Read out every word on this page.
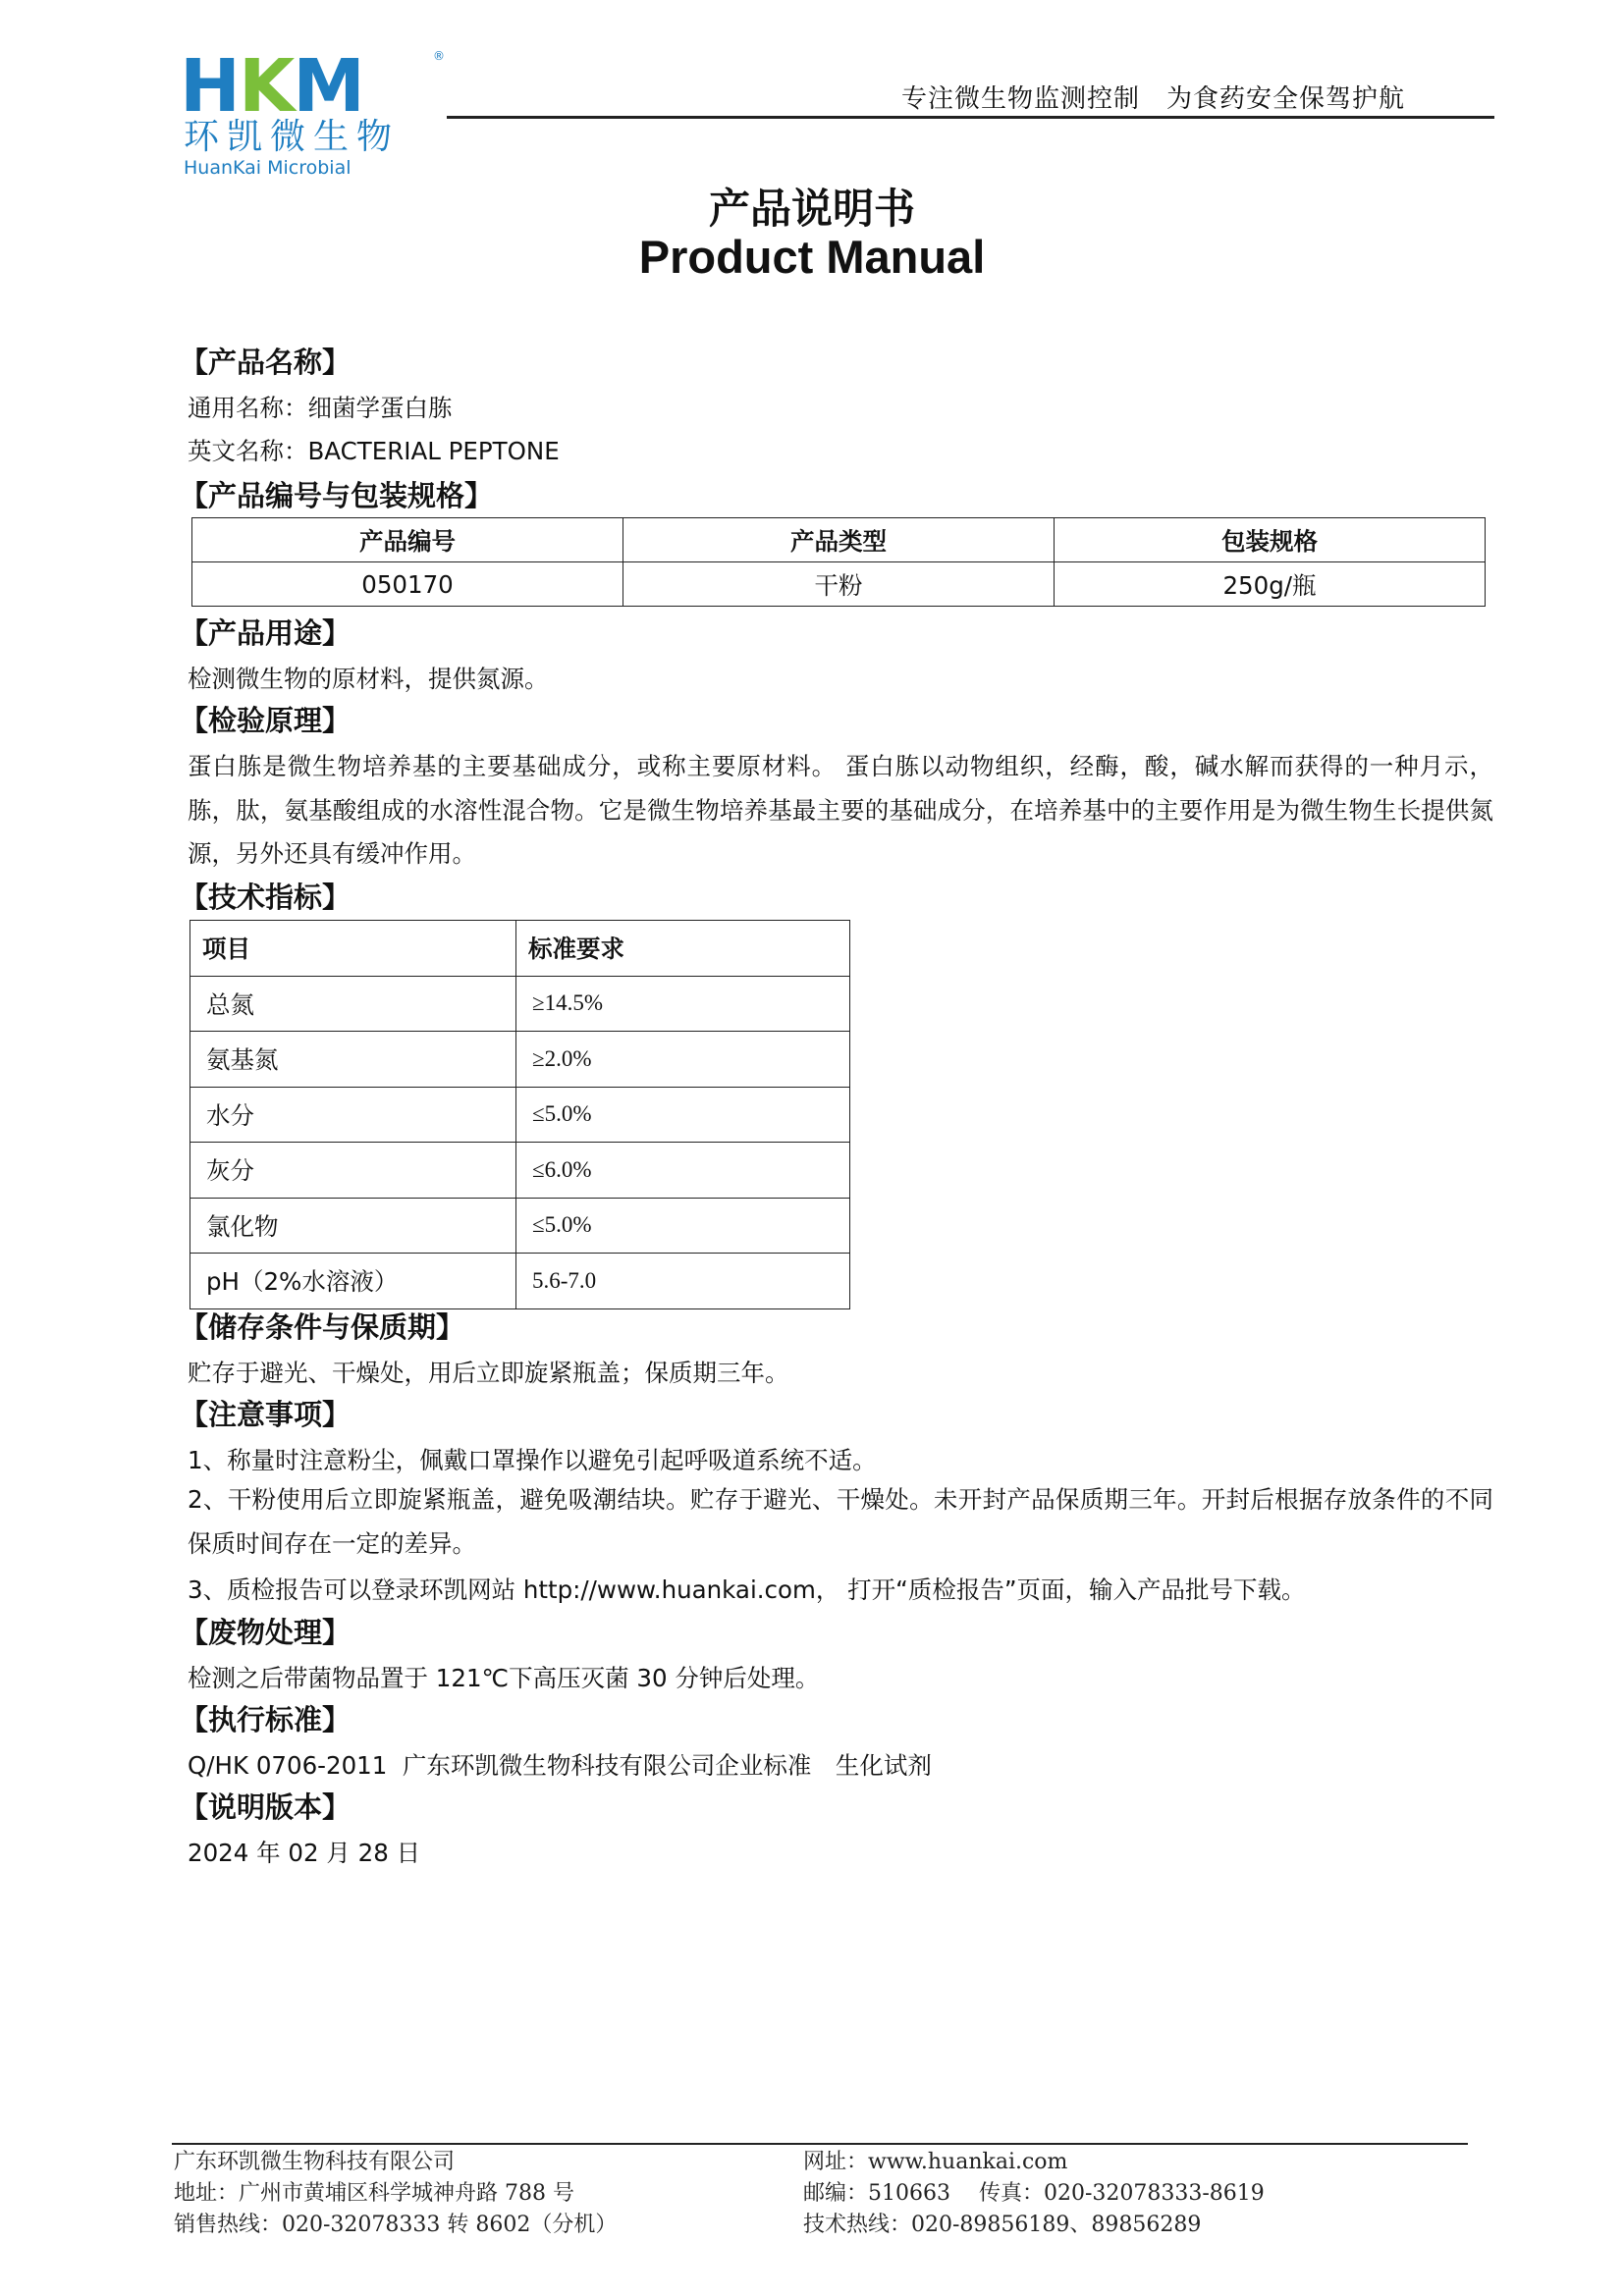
HKM	®
环凯微生物
HuanKai Microbial
专注微生物监测控制　为食药安全保驾护航
产品说明书
Product Manual
【产品名称】
通用名称：细菌学蛋白胨
英文名称：BACTERIAL PEPTONE
【产品编号与包装规格】
产品编号	产品类型	包装规格
050170	干粉	250g/瓶
【产品用途】
检测微生物的原材料，提供氮源。
【检验原理】
蛋白胨是微生物培养基的主要基础成分，或称主要原材料。 蛋白胨以动物组织，经酶，酸，碱水解而获得的一种月示，胨，肽，氨基酸组成的水溶性混合物。它是微生物培养基最主要的基础成分，在培养基中的主要作用是为微生物生长提供氮源，另外还具有缓冲作用。
【技术指标】
项目	标准要求
总氮	≥14.5%
氨基氮	≥2.0%
水分	≤5.0%
灰分	≤6.0%
氯化物	≤5.0%
pH（2%水溶液）	5.6-7.0
【储存条件与保质期】
贮存于避光、干燥处，用后立即旋紧瓶盖；保质期三年。
【注意事项】
1、称量时注意粉尘，佩戴口罩操作以避免引起呼吸道系统不适。
2、干粉使用后立即旋紧瓶盖，避免吸潮结块。贮存于避光、干燥处。未开封产品保质期三年。开封后根据存放条件的不同保质时间存在一定的差异。
3、质检报告可以登录环凯网站 http://www.huankai.com， 打开“质检报告”页面，输入产品批号下载。
【废物处理】
检测之后带菌物品置于 121℃下高压灭菌 30 分钟后处理。
【执行标准】
Q/HK 0706-2011  广东环凯微生物科技有限公司企业标准　生化试剂
【说明版本】
2024 年 02 月 28 日
广东环凯微生物科技有限公司
地址：广州市黄埔区科学城神舟路 788 号
销售热线：020-32078333 转 8602（分机）
网址：www.huankai.com
邮编：510663　 传真：020-32078333-8619
技术热线：020-89856189、89856289
